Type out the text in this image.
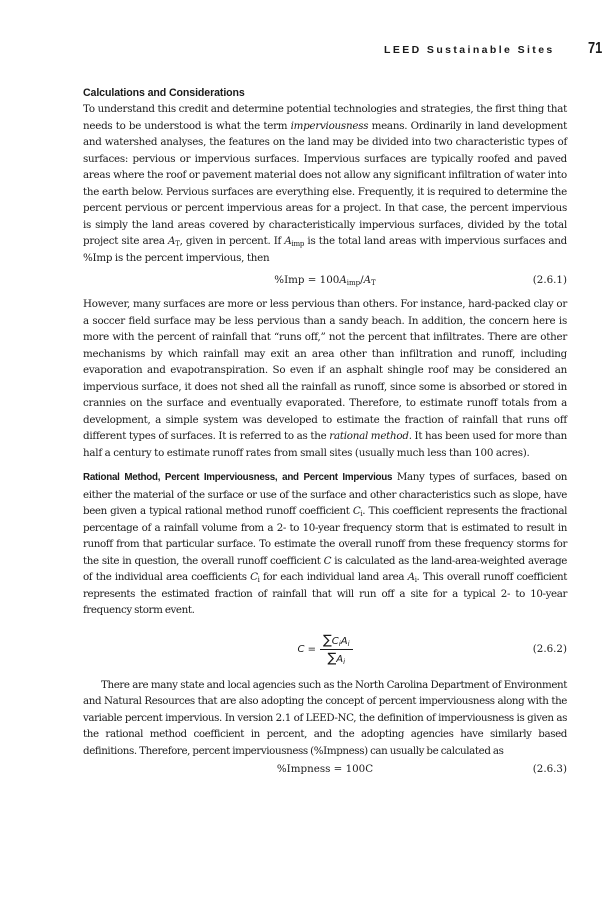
LEED Sustainable Sites 71
Calculations and Considerations

To understand this credit and determine potential technologies and strategies, the first thing that needs to be understood is what the term imperviousness means. Ordinarily in land development and watershed analyses, the features on the land may be divided into two characteristic types of surfaces: pervious or impervious surfaces. Impervious surfaces are typically roofed and paved areas where the roof or pavement material does not allow any significant infiltration of water into the earth below. Pervious surfaces are everything else. Frequently, it is required to determine the percent pervious or percent impervious areas for a project. In that case, the percent impervious is simply the land areas covered by characteristically impervious surfaces, divided by the total project site area $A_T$, given in percent. If $A_{imp}$ is the total land areas with impervious surfaces and %Imp is the percent impervious, then

$\%Imp = 100A_{imp}/A_T$	(2.6.1)

However, many surfaces are more or less pervious than others. For instance, hard-packed clay or a soccer field surface may be less pervious than a sandy beach. In addition, the concern here is more with the percent of rainfall that “runs off,” not the percent that infiltrates. There are other mechanisms by which rainfall may exit an area other than infiltration and runoff, including evaporation and evapotranspiration. So even if an asphalt shingle roof may be considered an impervious surface, it does not shed all the rainfall as runoff, since some is absorbed or stored in crannies on the surface and eventually evaporated. Therefore, to estimate runoff totals from a development, a simple system was developed to estimate the fraction of rainfall that runs off different types of surfaces. It is referred to as the rational method. It has been used for more than half a century to estimate runoff rates from small sites (usually much less than 100 acres).

Rational Method, Percent Imperviousness, and Percent Impervious Many types of surfaces, based on either the material of the surface or use of the surface and other characteristics such as slope, have been given a typical rational method runoff coefficient $C_i$. This coefficient represents the fractional percentage of a rainfall volume from a 2- to 10-year frequency storm that is estimated to result in runoff from that particular surface. To estimate the overall runoff from these frequency storms for the site in question, the overall runoff coefficient C is calculated as the land-area-weighted average of the individual area coefficients $C_i$ for each individual land area $A_i$. This overall runoff coefficient represents the estimated fraction of rainfall that will run off a site for a typical 2- to 10-year frequency storm event.

$C = \frac{\sum C_iA_i}{\sum A_i}$	(2.6.2)

There are many state and local agencies such as the North Carolina Department of Environment and Natural Resources that are also adopting the concept of percent imperviousness along with the variable percent impervious. In version 2.1 of LEED-NC, the definition of imperviousness is given as the rational method coefficient in percent, and the adopting agencies have similarly based definitions. Therefore, percent imperviousness (%Impness) can usually be calculated as

%Impness = 100C	(2.6.3)
